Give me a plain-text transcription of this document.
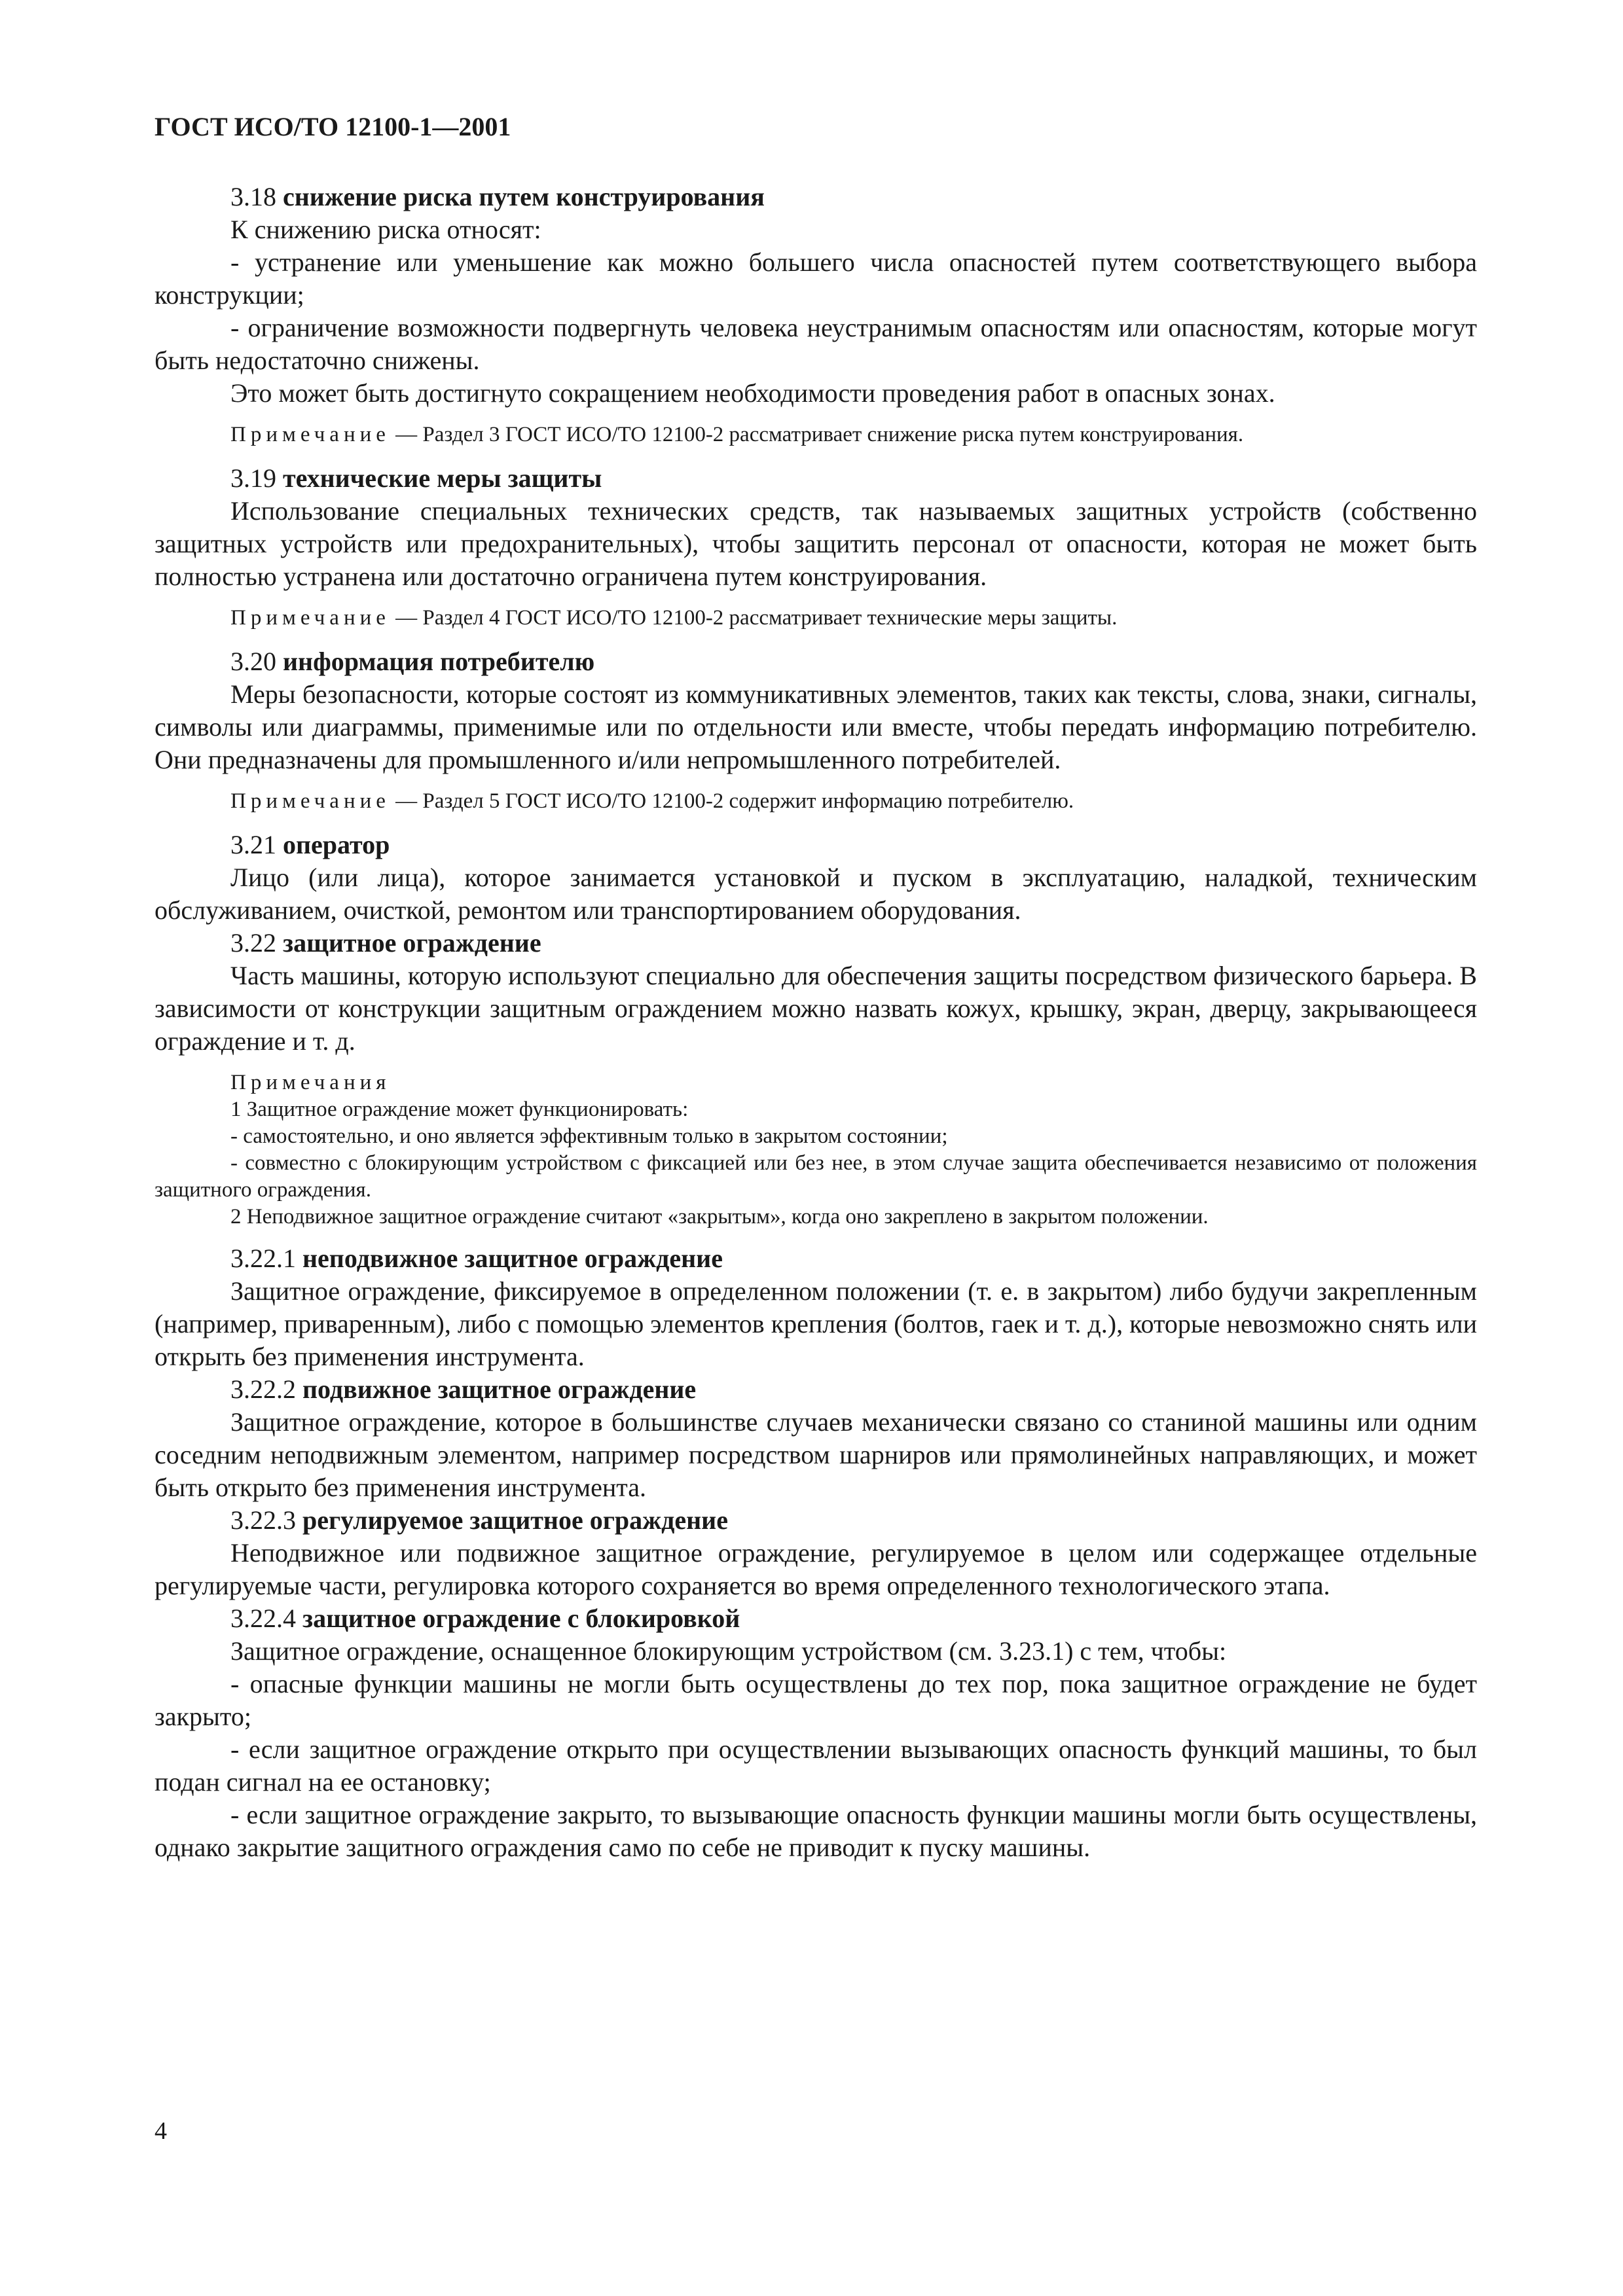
ГОСТ ИСО/ТО 12100-1—2001

3.18 снижение риска путем конструирования

К снижению риска относят:

- устранение или уменьшение как можно большего числа опасностей путем соответствующего выбора конструкции;

- ограничение возможности подвергнуть человека неустранимым опасностям или опасностям, которые могут быть недостаточно снижены.

Это может быть достигнуто сокращением необходимости проведения работ в опасных зонах.

Примечание — Раздел 3 ГОСТ ИСО/ТО 12100-2 рассматривает снижение риска путем конструирования.

3.19 технические меры защиты

Использование специальных технических средств, так называемых защитных устройств (собственно защитных устройств или предохранительных), чтобы защитить персонал от опасности, которая не может быть полностью устранена или достаточно ограничена путем конструирования.

Примечание — Раздел 4 ГОСТ ИСО/ТО 12100-2 рассматривает технические меры защиты.

3.20 информация потребителю

Меры безопасности, которые состоят из коммуникативных элементов, таких как тексты, слова, знаки, сигналы, символы или диаграммы, применимые или по отдельности или вместе, чтобы передать информацию потребителю. Они предназначены для промышленного и/или непромышленного потребителей.

Примечание — Раздел 5 ГОСТ ИСО/ТО 12100-2 содержит информацию потребителю.

3.21 оператор

Лицо (или лица), которое занимается установкой и пуском в эксплуатацию, наладкой, техническим обслуживанием, очисткой, ремонтом или транспортированием оборудования.

3.22 защитное ограждение

Часть машины, которую используют специально для обеспечения защиты посредством физического барьера. В зависимости от конструкции защитным ограждением можно назвать кожух, крышку, экран, дверцу, закрывающееся ограждение и т. д.

Примечания

1 Защитное ограждение может функционировать:

- самостоятельно, и оно является эффективным только в закрытом состоянии;

- совместно с блокирующим устройством с фиксацией или без нее, в этом случае защита обеспечивается независимо от положения защитного ограждения.

2 Неподвижное защитное ограждение считают «закрытым», когда оно закреплено в закрытом положении.

3.22.1 неподвижное защитное ограждение

Защитное ограждение, фиксируемое в определенном положении (т. е. в закрытом) либо будучи закрепленным (например, приваренным), либо с помощью элементов крепления (болтов, гаек и т. д.), которые невозможно снять или открыть без применения инструмента.

3.22.2 подвижное защитное ограждение

Защитное ограждение, которое в большинстве случаев механически связано со станиной машины или одним соседним неподвижным элементом, например посредством шарниров или прямолинейных направляющих, и может быть открыто без применения инструмента.

3.22.3 регулируемое защитное ограждение

Неподвижное или подвижное защитное ограждение, регулируемое в целом или содержащее отдельные регулируемые части, регулировка которого сохраняется во время определенного технологического этапа.

3.22.4 защитное ограждение с блокировкой

Защитное ограждение, оснащенное блокирующим устройством (см. 3.23.1) с тем, чтобы:

- опасные функции машины не могли быть осуществлены до тех пор, пока защитное ограждение не будет закрыто;

- если защитное ограждение открыто при осуществлении вызывающих опасность функций машины, то был подан сигнал на ее остановку;

- если защитное ограждение закрыто, то вызывающие опасность функции машины могли быть осуществлены, однако закрытие защитного ограждения само по себе не приводит к пуску машины.

4
